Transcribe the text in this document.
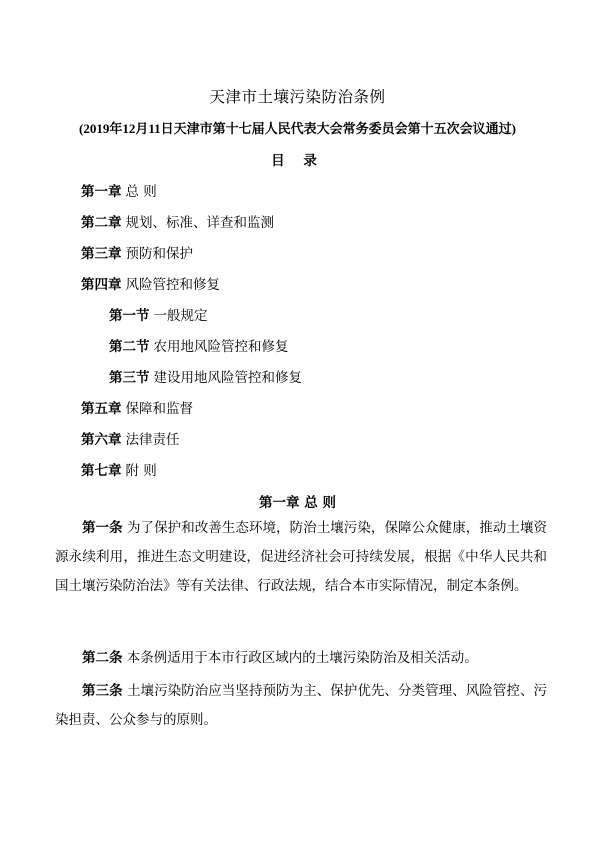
天津市土壤污染防治条例
(2019年12月11日天津市第十七届人民代表大会常务委员会第十五次会议通过)
目 录
第一章 总 则
第二章 规划、标准、详查和监测
第三章 预防和保护
第四章 风险管控和修复
第一节 一般规定
第二节 农用地风险管控和修复
第三节 建设用地风险管控和修复
第五章 保障和监督
第六章 法律责任
第七章 附 则
第一章 总 则
第一条 为了保护和改善生态环境，防治土壤污染，保障公众健康，推动土壤资源永续利用，推进生态文明建设，促进经济社会可持续发展，根据《中华人民共和国土壤污染防治法》等有关法律、行政法规，结合本市实际情况，制定本条例。
第二条 本条例适用于本市行政区域内的土壤污染防治及相关活动。
第三条 土壤污染防治应当坚持预防为主、保护优先、分类管理、风险管控、污染担责、公众参与的原则。
